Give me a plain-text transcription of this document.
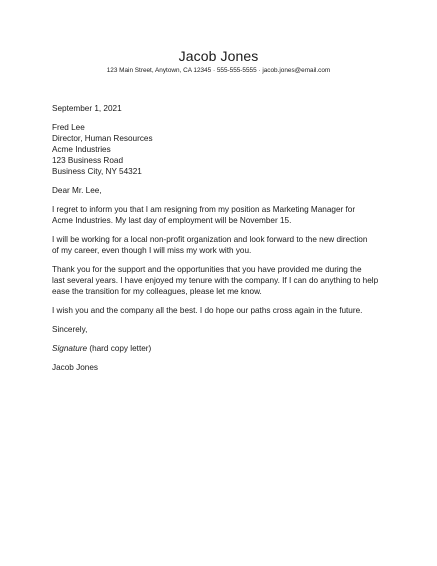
Jacob Jones
123 Main Street, Anytown, CA 12345 · 555-555-5555 · jacob.jones@email.com
September 1, 2021
Fred Lee
Director, Human Resources
Acme Industries
123 Business Road
Business City, NY 54321
Dear Mr. Lee,
I regret to inform you that I am resigning from my position as Marketing Manager for
Acme Industries. My last day of employment will be November 15.
I will be working for a local non-profit organization and look forward to the new direction
of my career, even though I will miss my work with you.
Thank you for the support and the opportunities that you have provided me during the
last several years. I have enjoyed my tenure with the company. If I can do anything to help
ease the transition for my colleagues, please let me know.
I wish you and the company all the best. I do hope our paths cross again in the future.
Sincerely,
Signature (hard copy letter)
Jacob Jones
